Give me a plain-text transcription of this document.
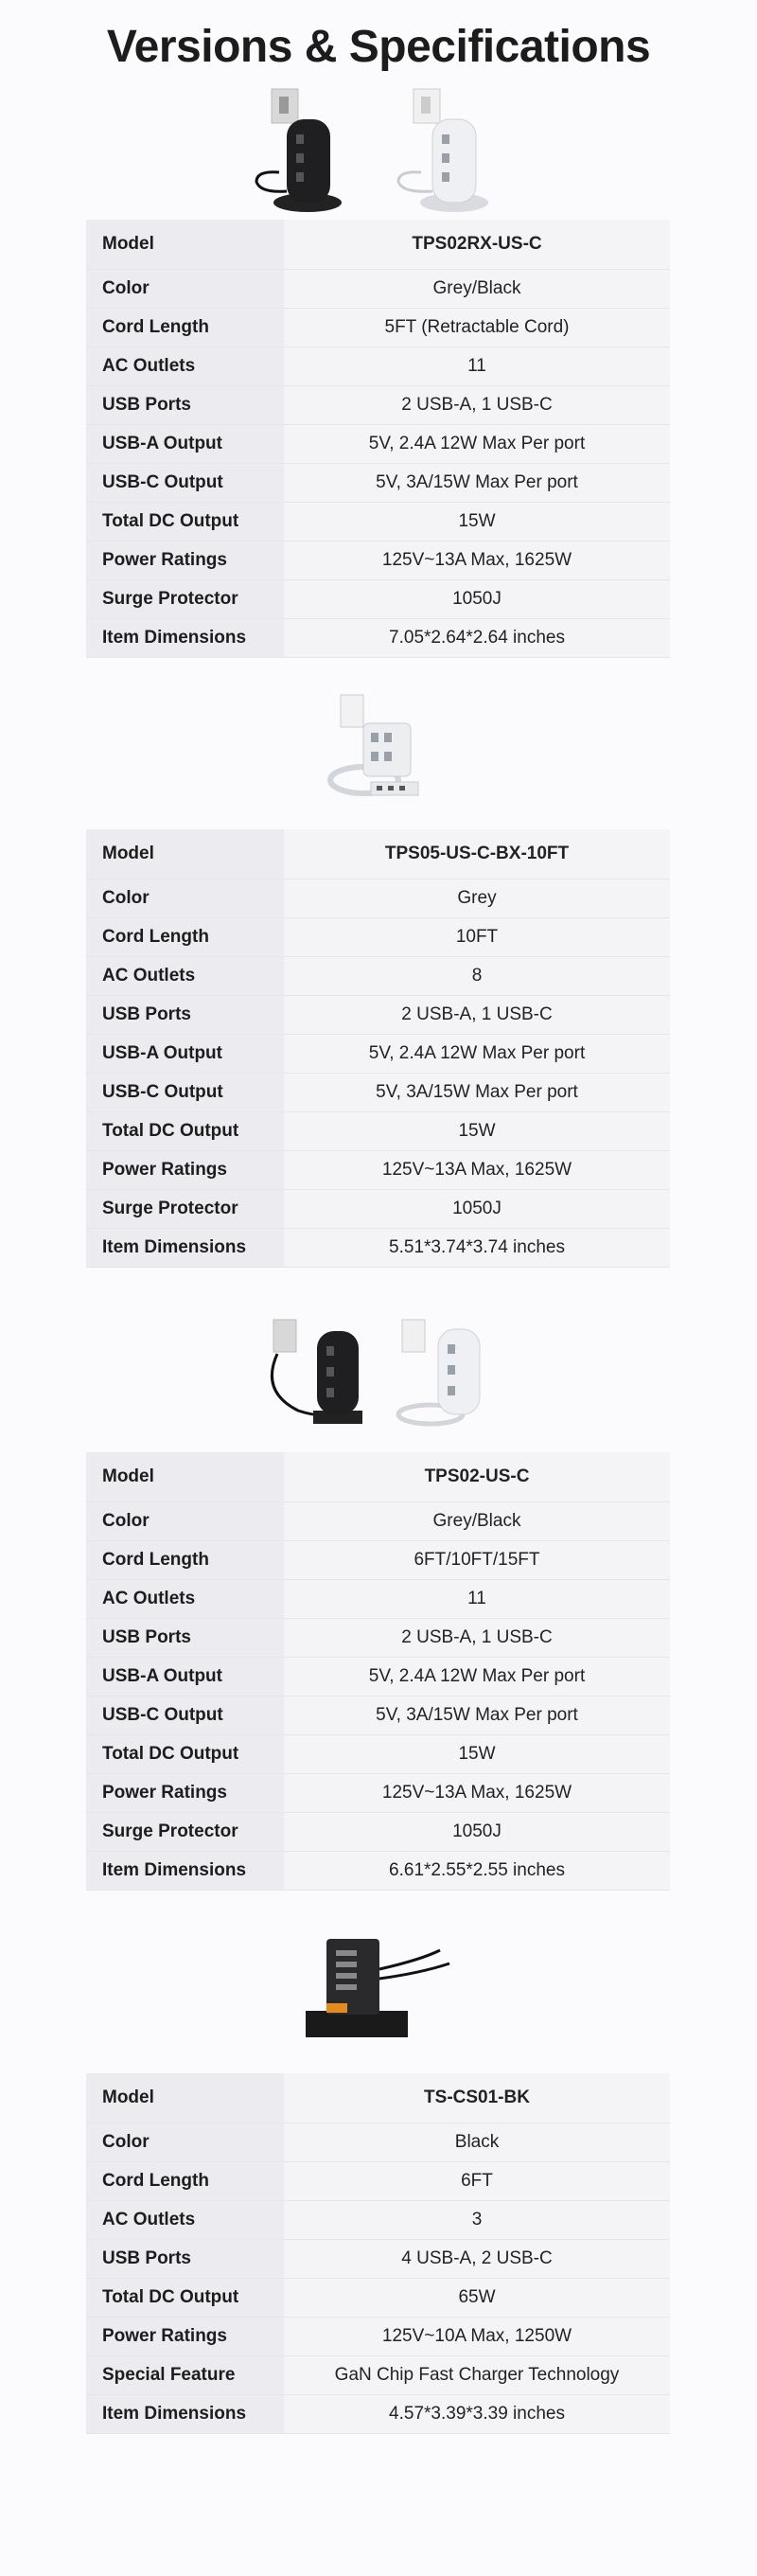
Versions & Specifications
Model	TPS02RX-US-C
Color	Grey/Black
Cord Length	5FT (Retractable Cord)
AC Outlets	11
USB Ports	2 USB-A, 1 USB-C
USB-A Output	5V, 2.4A 12W Max Per port
USB-C Output	5V, 3A/15W Max Per port
Total DC Output	15W
Power Ratings	125V~13A Max, 1625W
Surge Protector	1050J
Item Dimensions	7.05*2.64*2.64 inches
Model	TPS05-US-C-BX-10FT
Color	Grey
Cord Length	10FT
AC Outlets	8
USB Ports	2 USB-A, 1 USB-C
USB-A Output	5V, 2.4A 12W Max Per port
USB-C Output	5V, 3A/15W Max Per port
Total DC Output	15W
Power Ratings	125V~13A Max, 1625W
Surge Protector	1050J
Item Dimensions	5.51*3.74*3.74 inches
Model	TPS02-US-C
Color	Grey/Black
Cord Length	6FT/10FT/15FT
AC Outlets	11
USB Ports	2 USB-A, 1 USB-C
USB-A Output	5V, 2.4A 12W Max Per port
USB-C Output	5V, 3A/15W Max Per port
Total DC Output	15W
Power Ratings	125V~13A Max, 1625W
Surge Protector	1050J
Item Dimensions	6.61*2.55*2.55 inches
Model	TS-CS01-BK
Color	Black
Cord Length	6FT
AC Outlets	3
USB Ports	4 USB-A, 2 USB-C
Total DC Output	65W
Power Ratings	125V~10A Max, 1250W
Special Feature	GaN Chip Fast Charger Technology
Item Dimensions	4.57*3.39*3.39 inches
